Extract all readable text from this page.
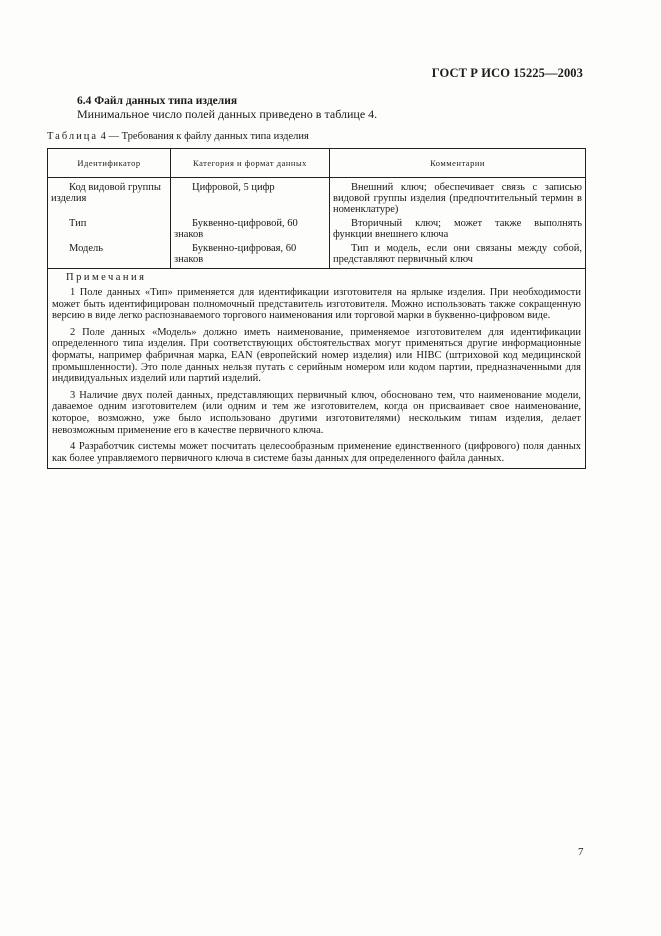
ГОСТ Р ИСО 15225—2003
6.4 Файл данных типа изделия
Минимальное число полей данных приведено в таблице 4.
Таблица 4 — Требования к файлу данных типа изделия
Идентификатор	Категория и формат данных	Комментарии

Код видовой группы изделия	Цифровой, 5 цифр	Внешний ключ; обеспечивает связь с записью видовой группы изделия (предпочтительный термин в номенклатуре)

Тип	Буквенно-цифровой, 60 знаков	Вторичный ключ; может также выполнять функции внешнего ключа

Модель	Буквенно-цифровая, 60 знаков	Тип и модель, если они связаны между собой, представляют первичный ключ

Примечания

1 Поле данных «Тип» применяется для идентификации изготовителя на ярлыке изделия. При необходимости может быть идентифицирован полномочный представитель изготовителя. Можно использовать также сокращенную версию в виде легко распознаваемого торгового наименования или торговой марки в буквенно-цифровом виде.

2 Поле данных «Модель» должно иметь наименование, применяемое изготовителем для идентификации определенного типа изделия. При соответствующих обстоятельствах могут применяться другие информационные форматы, например фабричная марка, EAN (европейский номер изделия) или HIBC (штриховой код медицинской промышленности). Это поле данных нельзя путать с серийным номером или кодом партии, предназначенными для индивидуальных изделий или партий изделий.

3 Наличие двух полей данных, представляющих первичный ключ, обосновано тем, что наименование модели, даваемое одним изготовителем (или одним и тем же изготовителем, когда он присваивает свое наименование, которое, возможно, уже было использовано другими изготовителями) нескольким типам изделия, делает невозможным применение его в качестве первичного ключа.

4 Разработчик системы может посчитать целесообразным применение единственного (цифрового) поля данных как более управляемого первичного ключа в системе базы данных для определенного файла данных.		

7
